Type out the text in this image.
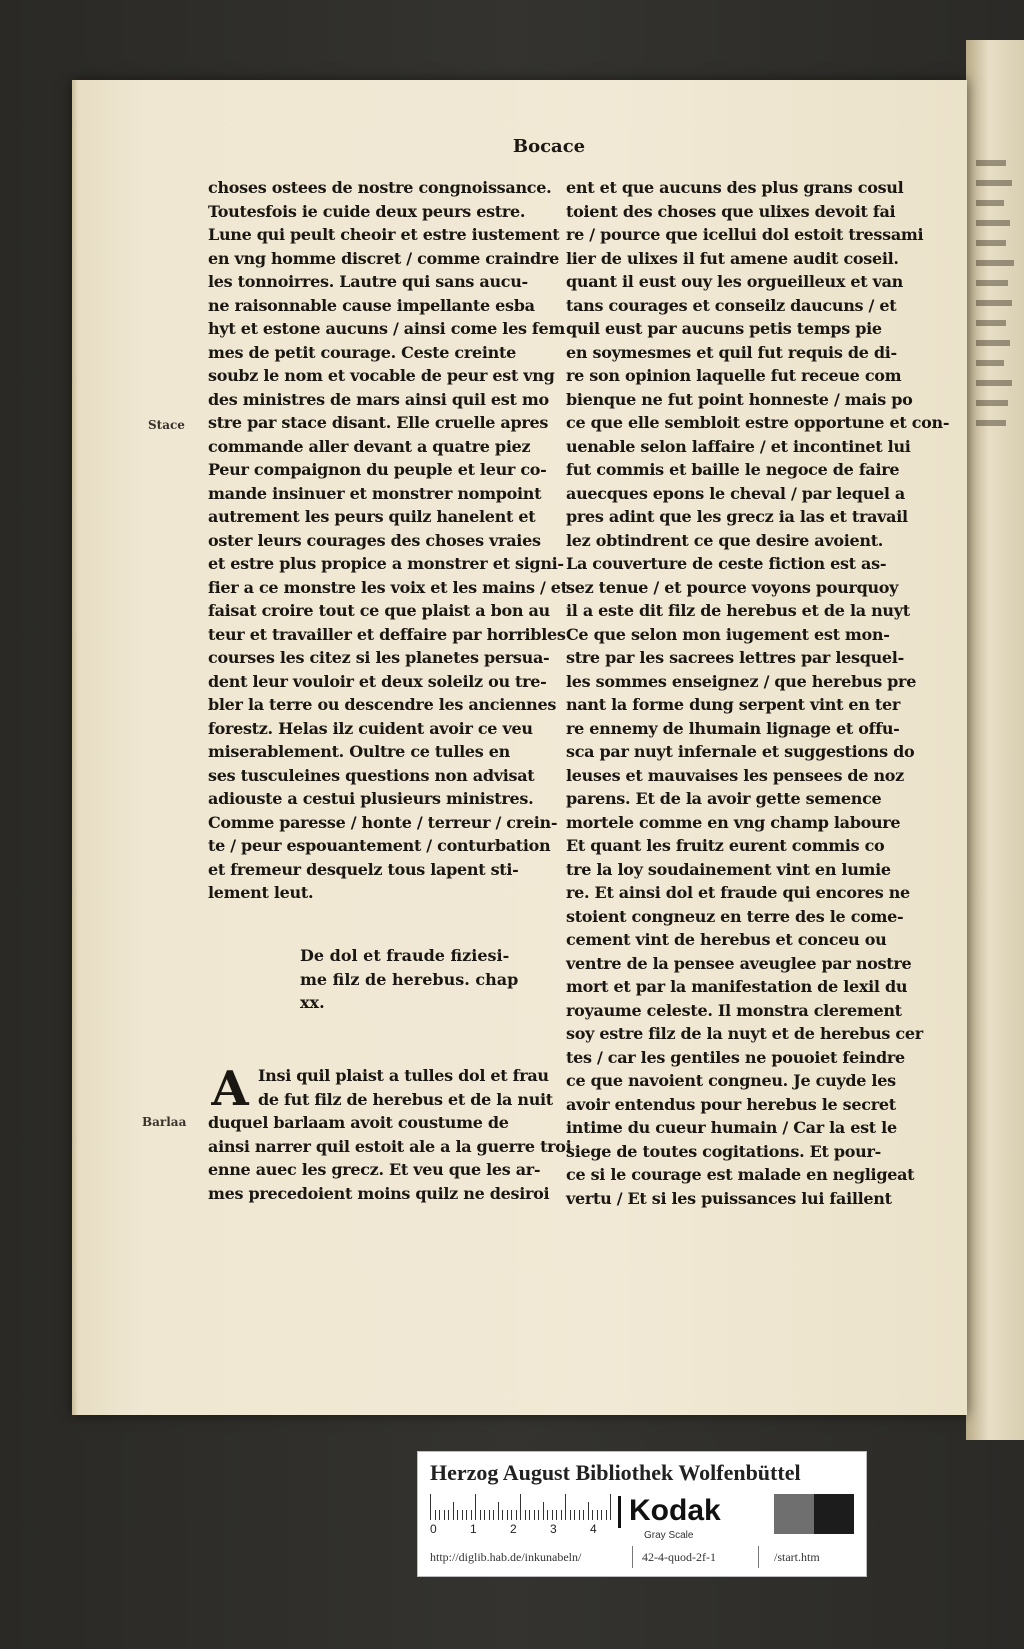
Bocace
Stace
Barlaa
choses ostees de nostre congnoissance.
Toutesfois ie cuide deux peurs estre.
Lune qui peult cheoir et estre iustement
en vng homme discret / comme craindre
les tonnoirres. Lautre qui sans aucu-
ne raisonnable cause impellante esba
hyt et estone aucuns / ainsi come les fem
mes de petit courage. Ceste creinte
soubz le nom et vocable de peur est vng
des ministres de mars ainsi quil est mo
stre par stace disant. Elle cruelle apres
commande aller devant a quatre piez
Peur compaignon du peuple et leur co-
mande insinuer et monstrer nompoint
autrement les peurs quilz hanelent et
oster leurs courages des choses vraies
et estre plus propice a monstrer et signi-
fier a ce monstre les voix et les mains / et
faisat croire tout ce que plaist a bon au
teur et travailler et deffaire par horribles
courses les citez si les planetes persua-
dent leur vouloir et deux soleilz ou tre-
bler la terre ou descendre les anciennes
forestz. Helas ilz cuident avoir ce veu
miserablement. Oultre ce tulles en
ses tusculeines questions non advisat
adiouste a cestui plusieurs ministres.
Comme paresse / honte / terreur / crein-
te / peur espouantement / conturbation
et fremeur desquelz tous lapent sti-
lement leut.
De dol et fraude fiziesi-
me filz de herebus. chap
xx.
A Insi quil plaist a tulles dol et frau
de fut filz de herebus et de la nuit
duquel barlaam avoit coustume de
ainsi narrer quil estoit ale a la guerre troi
enne auec les grecz. Et veu que les ar-
mes precedoient moins quilz ne desiroi
ent et que aucuns des plus grans cosul
toient des choses que ulixes devoit fai
re / pource que icellui dol estoit tressami
lier de ulixes il fut amene audit coseil.
quant il eust ouy les orgueilleux et van
tans courages et conseilz daucuns / et
quil eust par aucuns petis temps pie
en soymesmes et quil fut requis de di-
re son opinion laquelle fut receue com
bienque ne fut point honneste / mais po
ce que elle sembloit estre opportune et con-
uenable selon laffaire / et incontinet lui
fut commis et baille le negoce de faire
auecques epons le cheval / par lequel a
pres adint que les grecz ia las et travail
lez obtindrent ce que desire avoient.
La couverture de ceste fiction est as-
sez tenue / et pource voyons pourquoy
il a este dit filz de herebus et de la nuyt
Ce que selon mon iugement est mon-
stre par les sacrees lettres par lesquel-
les sommes enseignez / que herebus pre
nant la forme dung serpent vint en ter
re ennemy de lhumain lignage et offu-
sca par nuyt infernale et suggestions do
leuses et mauvaises les pensees de noz
parens. Et de la avoir gette semence
mortele comme en vng champ laboure
Et quant les fruitz eurent commis co
tre la loy soudainement vint en lumie
re. Et ainsi dol et fraude qui encores ne
stoient congneuz en terre des le come-
cement vint de herebus et conceu ou
ventre de la pensee aveuglee par nostre
mort et par la manifestation de lexil du
royaume celeste. Il monstra clerement
soy estre filz de la nuyt et de herebus cer
tes / car les gentiles ne pouoiet feindre
ce que navoient congneu. Je cuyde les
avoir entendus pour herebus le secret
intime du cueur humain / Car la est le
siege de toutes cogitations. Et pour-
ce si le courage est malade en negligeat
vertu / Et si les puissances lui faillent
Herzog August Bibliothek Wolfenbüttel
0	1	2	3	4
Kodak
Gray Scale
http://diglib.hab.de/inkunabeln/	42-4-quod-2f-1	/start.htm
